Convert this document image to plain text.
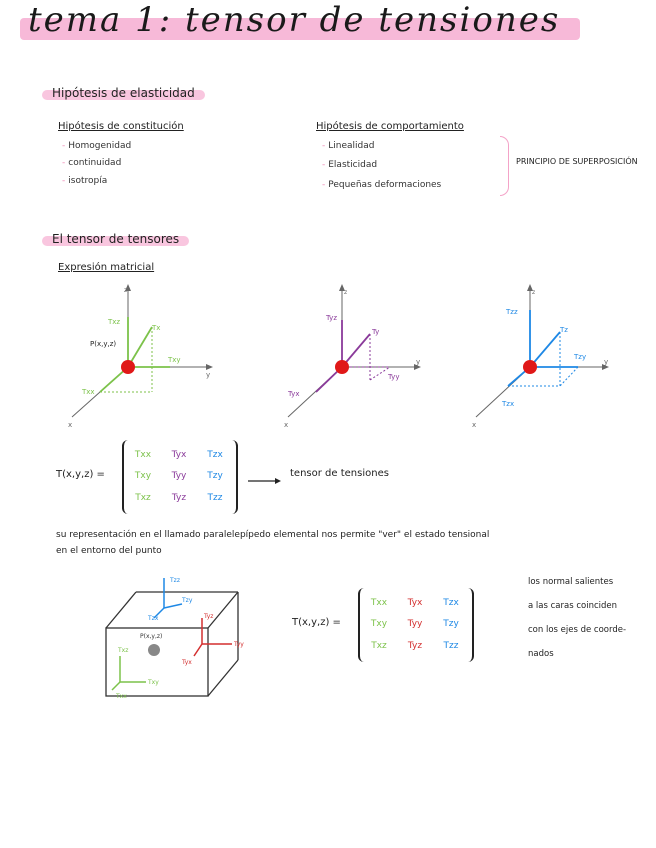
tema 1: tensor de tensiones
Hipótesis de elasticidad
Hipótesis de constitución
- Homogenidad
- continuidad
- isotropía
Hipótesis de comportamiento
- Linealidad
- Elasticidad
- Pequeñas deformaciones
PRINCIPIO DE SUPERPOSICIÓN
El tensor de tensores
Expresión matricial
z
y
x
Txz
Tx
Txy
Txx
P(x,y,z)
z
y
x
Tyz
Ty
Tyy
Tyx
z
y
x
Tzz
Tz
Tzy
Tzx
T(x,y,z) =
Txx	Tyx	Tzx
Txy	Tyy	Tzy
Txz	Tyz	Tzz
tensor de tensiones
su representación en el llamado paralelepípedo elemental nos permite "ver" el estado tensional
en el entorno del punto
P(x,y,z)
Tzz
Tzy
Tzx
Tyy
Tyz
Tyx
Txz
Txy
Txx
T(x,y,z) =
Txx	Tyx	Tzx
Txy	Tyy	Tzy
Txz	Tyz	Tzz
los normal salientes
a las caras coinciden
con los ejes de coorde-
nados
